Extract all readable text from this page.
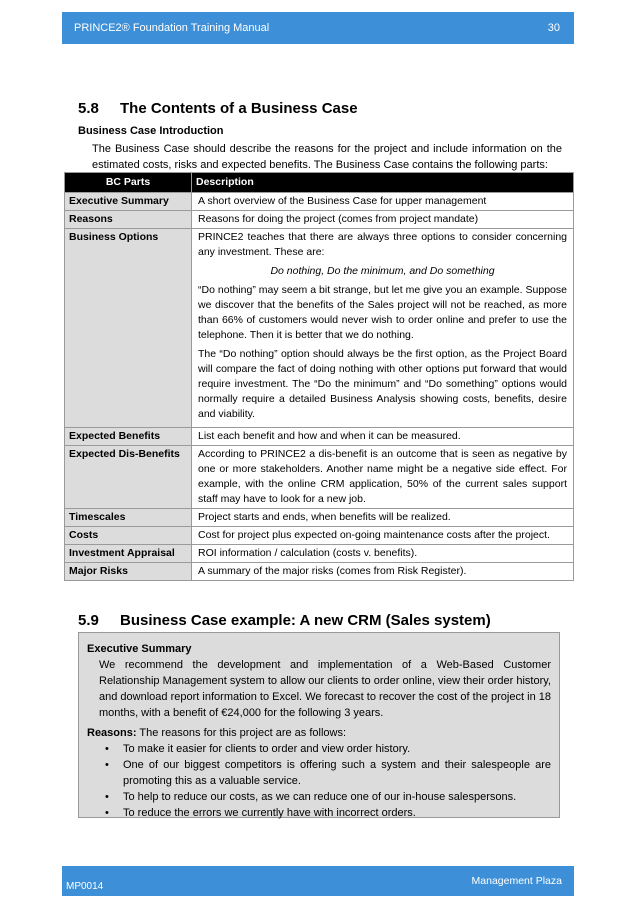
PRINCE2® Foundation Training Manual	30
5.8 The Contents of a Business Case
Business Case Introduction
The Business Case should describe the reasons for the project and include information on the estimated costs, risks and expected benefits. The Business Case contains the following parts:
BC Parts	Description
Executive Summary	A short overview of the Business Case for upper management
Reasons	Reasons for doing the project (comes from project mandate)
Business Options	PRINCE2 teaches that there are always three options to consider concerning any investment. These are:
Do nothing, Do the minimum, and Do something
“Do nothing” may seem a bit strange, but let me give you an example. Suppose we discover that the benefits of the Sales project will not be reached, as more than 66% of customers would never wish to order online and prefer to use the telephone. Then it is better that we do nothing.
The “Do nothing” option should always be the first option, as the Project Board will compare the fact of doing nothing with other options put forward that would require investment. The “Do the minimum” and “Do something” options would normally require a detailed Business Analysis showing costs, benefits, desire and viability.

Expected Benefits	List each benefit and how and when it can be measured.
Expected Dis-Benefits	According to PRINCE2 a dis-benefit is an outcome that is seen as negative by one or more stakeholders. Another name might be a negative side effect. For example, with the online CRM application, 50% of the current sales support staff may have to look for a new job.
Timescales	Project starts and ends, when benefits will be realized.
Costs	Cost for project plus expected on-going maintenance costs after the project.
Investment Appraisal	ROI information / calculation (costs v. benefits).
Major Risks	A summary of the major risks (comes from Risk Register).
5.9 Business Case example: A new CRM (Sales system)
Executive Summary
We recommend the development and implementation of a Web-Based Customer Relationship Management system to allow our clients to order online, view their order history, and download report information to Excel. We forecast to recover the cost of the project in 18 months, with a benefit of €24,000 for the following 3 years.
Reasons: The reasons for this project are as follows:
• To make it easier for clients to order and view order history.
• One of our biggest competitors is offering such a system and their salespeople are promoting this as a valuable service.
• To help to reduce our costs, as we can reduce one of our in-house salespersons.
• To reduce the errors we currently have with incorrect orders.
MP0014	Management Plaza
